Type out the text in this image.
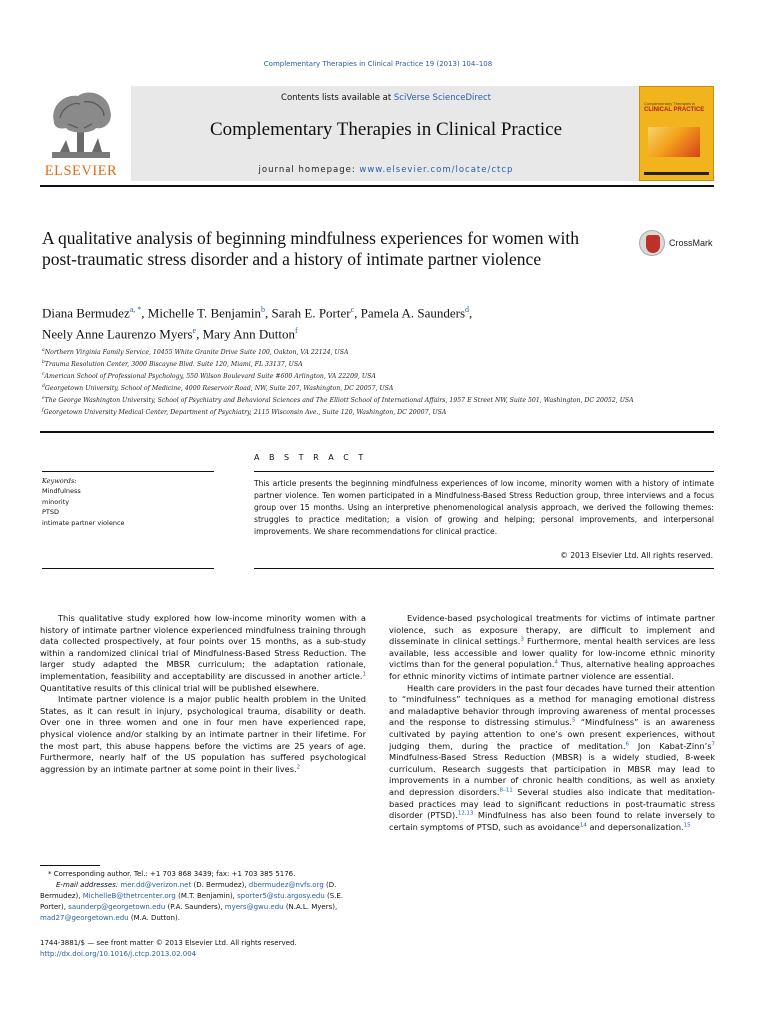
Complementary Therapies in Clinical Practice 19 (2013) 104–108
ELSEVIER
Contents lists available at SciVerse ScienceDirect
Complementary Therapies in Clinical Practice
journal homepage: www.elsevier.com/locate/ctcp
Complementary Therapies in
CLINICAL PRACTICE
A qualitative analysis of beginning mindfulness experiences for women with post-traumatic stress disorder and a history of intimate partner violence
CrossMark
Diana Bermudez$^{a, *}$, Michelle T. Benjamin$^b$, Sarah E. Porter$^c$, Pamela A. Saunders$^d$,
Neely Anne Laurenzo Myers$^e$, Mary Ann Dutton$^f$
$^a$Northern Virginia Family Service, 10455 White Granite Drive Suite 100, Oakton, VA 22124, USA
$^b$Trauma Resolution Center, 3000 Biscayne Blvd. Suite 120, Miami, FL 33137, USA
$^c$American School of Professional Psychology, 550 Wilson Boulevard Suite #600 Arlington, VA 22209, USA
$^d$Georgetown University, School of Medicine, 4000 Reservoir Road, NW, Suite 207, Washington, DC 20057, USA
$^e$The George Washington University, School of Psychiatry and Behavioral Sciences and The Elliott School of International Affairs, 1957 E Street NW, Suite 501, Washington, DC 20052, USA
$^f$Georgetown University Medical Center, Department of Psychiatry, 2115 Wisconsin Ave., Suite 120, Washington, DC 20007, USA
Keywords:
Mindfulness
minority
PTSD
intimate partner violence
A B S T R A C T
This article presents the beginning mindfulness experiences of low income, minority women with a history of intimate partner violence. Ten women participated in a Mindfulness-Based Stress Reduction group, three interviews and a focus group over 15 months. Using an interpretive phenomenological analysis approach, we derived the following themes: struggles to practice meditation; a vision of growing and helping; personal improvements, and interpersonal improvements. We share recommendations for clinical practice.
© 2013 Elsevier Ltd. All rights reserved.

This qualitative study explored how low-income minority women with a history of intimate partner violence experienced mindfulness training through data collected prospectively, at four points over 15 months, as a sub-study within a randomized clinical trial of Mindfulness-Based Stress Reduction. The larger study adapted the MBSR curriculum; the adaptation rationale, implementation, feasibility and acceptability are discussed in another article.$^1$ Quantitative results of this clinical trial will be published elsewhere.

Intimate partner violence is a major public health problem in the United States, as it can result in injury, psychological trauma, disability or death. Over one in three women and one in four men have experienced rape, physical violence and/or stalking by an intimate partner in their lifetime. For the most part, this abuse happens before the victims are 25 years of age. Furthermore, nearly half of the US population has suffered psychological aggression by an intimate partner at some point in their lives.$^2$

Evidence-based psychological treatments for victims of intimate partner violence, such as exposure therapy, are difficult to implement and disseminate in clinical settings.$^3$ Furthermore, mental health services are less available, less accessible and lower quality for low-income ethnic minority victims than for the general population.$^4$ Thus, alternative healing approaches for ethnic minority victims of intimate partner violence are essential.

Health care providers in the past four decades have turned their attention to “mindfulness” techniques as a method for managing emotional distress and maladaptive behavior through improving awareness of mental processes and the response to distressing stimulus.$^5$ “Mindfulness” is an awareness cultivated by paying attention to one’s own present experiences, without judging them, during the practice of meditation.$^6$ Jon Kabat-$Zinn’s^7$ Mindfulness-Based Stress Reduction (MBSR) is a widely studied, 8-week curriculum. Research suggests that participation in MBSR may lead to improvements in a number of chronic health conditions, as well as anxiety and depression disorders.$^{8-11}$ Several studies also indicate that meditation-based practices may lead to significant reductions in post-traumatic stress disorder (PTSD).$^{12,13}$ Mindfulness has also been found to relate inversely to certain symptoms of PTSD, such as avoidance$^{14}$ and depersonalization.$^{15}$

* Corresponding author. Tel.: +1 703 868 3439; fax: +1 703 385 5176.
E-mail addresses: mer.dd@verizon.net (D. Bermudez), dbermudez@nvfs.org (D. Bermudez), MichelleB@thetrcenter.org (M.T. Benjamin), sporter5@stu.argosy.edu (S.E. Porter), saunderp@georgetown.edu (P.A. Saunders), myers@gwu.edu (N.A.L. Myers), mad27@georgetown.edu (M.A. Dutton).
1744-3881/$ — see front matter © 2013 Elsevier Ltd. All rights reserved.
http://dx.doi.org/10.1016/j.ctcp.2013.02.004
